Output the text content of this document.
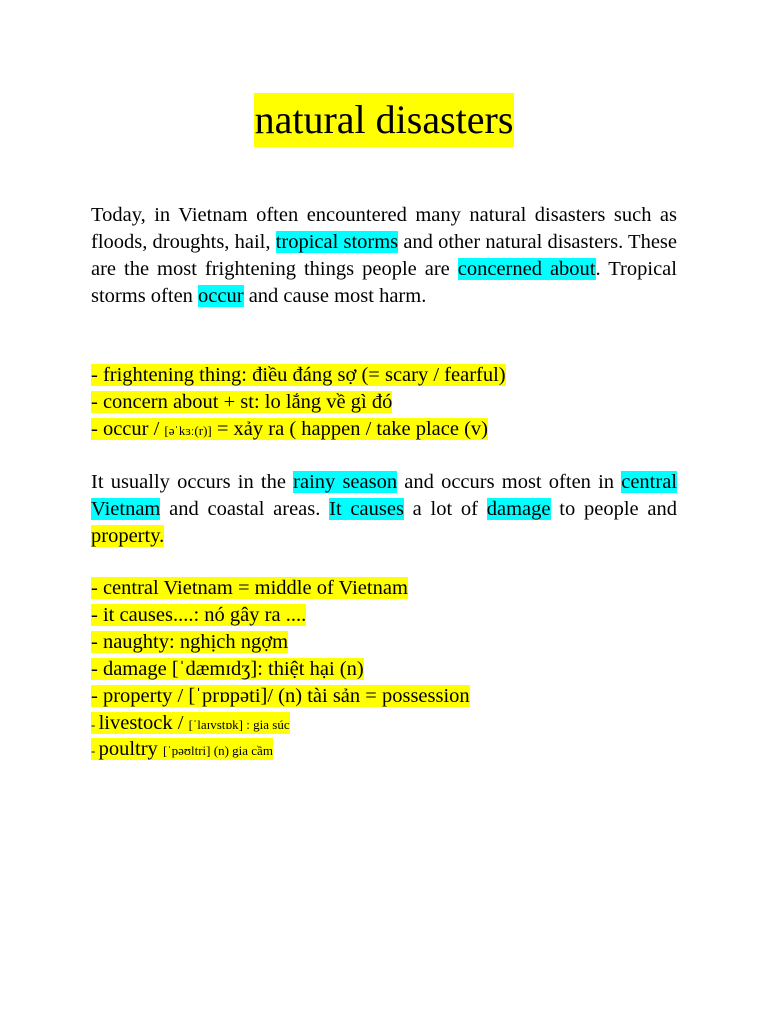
natural disasters
Today, in Vietnam often encountered many natural disasters such as floods, droughts, hail, tropical storms and other natural disasters. These are the most frightening things people are concerned about. Tropical storms often occur and cause most harm.
- frightening thing: điều đáng sợ (= scary / fearful)
- concern about + st: lo lắng về gì đó
- occur / [əˈkɜː(r)] = xảy ra ( happen / take place (v)
It usually occurs in the rainy season and occurs most often in central Vietnam and coastal areas. It causes a lot of damage to people and property.
- central Vietnam = middle of Vietnam
- it causes....: nó gây ra ....
- naughty: nghịch ngợm
- damage [ˈdæmɪdʒ]: thiệt hại (n)
- property / [ˈprɒpəti]/ (n) tài sản = possession
- livestock / [ˈlaɪvstɒk] : gia súc
- poultry [ˈpəʊltri] (n) gia cầm
